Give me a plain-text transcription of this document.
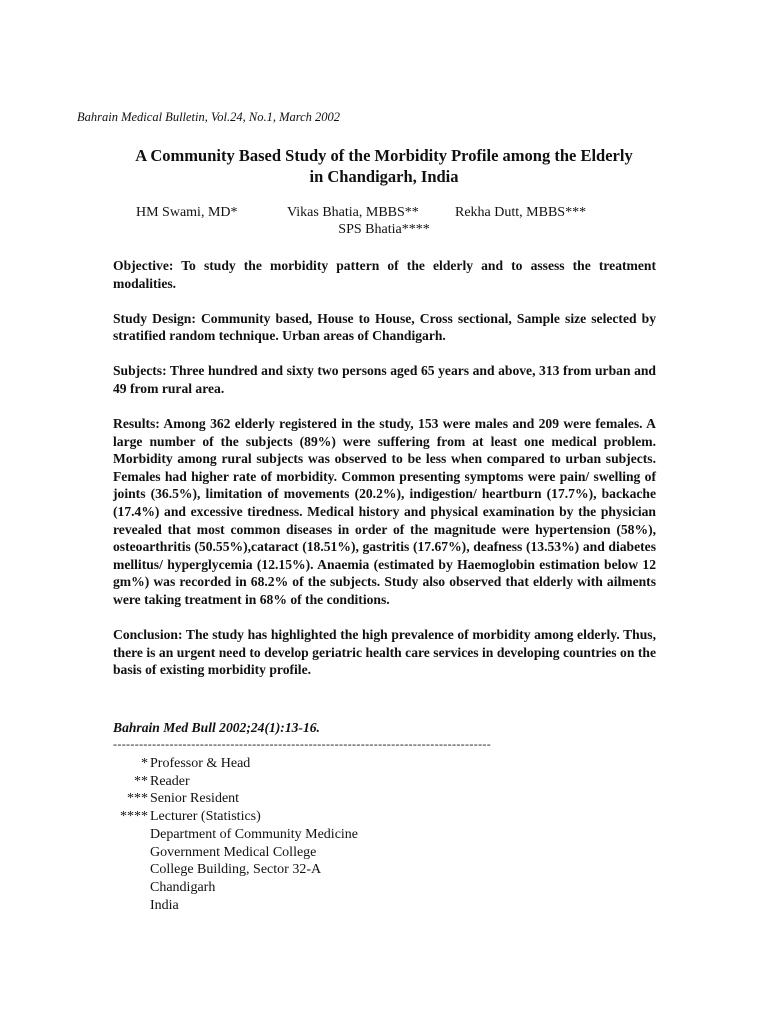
Bahrain Medical Bulletin, Vol.24, No.1, March 2002
A Community Based Study of the Morbidity Profile among the Elderly
in Chandigarh, India
HM Swami, MD*	Vikas Bhatia, MBBS**	Rekha Dutt, MBBS***
SPS Bhatia****

Objective: To study the morbidity pattern of the elderly and to assess the treatment modalities.

Study Design: Community based, House to House, Cross sectional, Sample size selected by stratified random technique. Urban areas of Chandigarh.

Subjects: Three hundred and sixty two persons aged 65 years and above, 313 from urban and 49 from rural area.

Results: Among 362 elderly registered in the study, 153 were males and 209 were females. A large number of the subjects (89%) were suffering from at least one medical problem. Morbidity among rural subjects was observed to be less when compared to urban subjects. Females had higher rate of morbidity. Common presenting symptoms were pain/ swelling of joints (36.5%), limitation of movements (20.2%), indigestion/ heartburn (17.7%), backache (17.4%) and excessive tiredness. Medical history and physical examination by the physician revealed that most common diseases in order of the magnitude were hypertension (58%), osteoarthritis (50.55%),cataract (18.51%), gastritis (17.67%), deafness (13.53%) and diabetes mellitus/ hyperglycemia (12.15%). Anaemia (estimated by Haemoglobin estimation below 12 gm%) was recorded in 68.2% of the subjects. Study also observed that elderly with ailments were taking treatment in 68% of the conditions.

Conclusion: The study has highlighted the high prevalence of morbidity among elderly. Thus, there is an urgent need to develop geriatric health care services in developing countries on the basis of existing morbidity profile.

Bahrain Med Bull 2002;24(1):13-16.
---------------------------------------------------------------------------------------
* Professor & Head
** Reader
*** Senior Resident
**** Lecturer (Statistics)
Department of Community Medicine
Government Medical College
College Building, Sector 32-A
Chandigarh
India
